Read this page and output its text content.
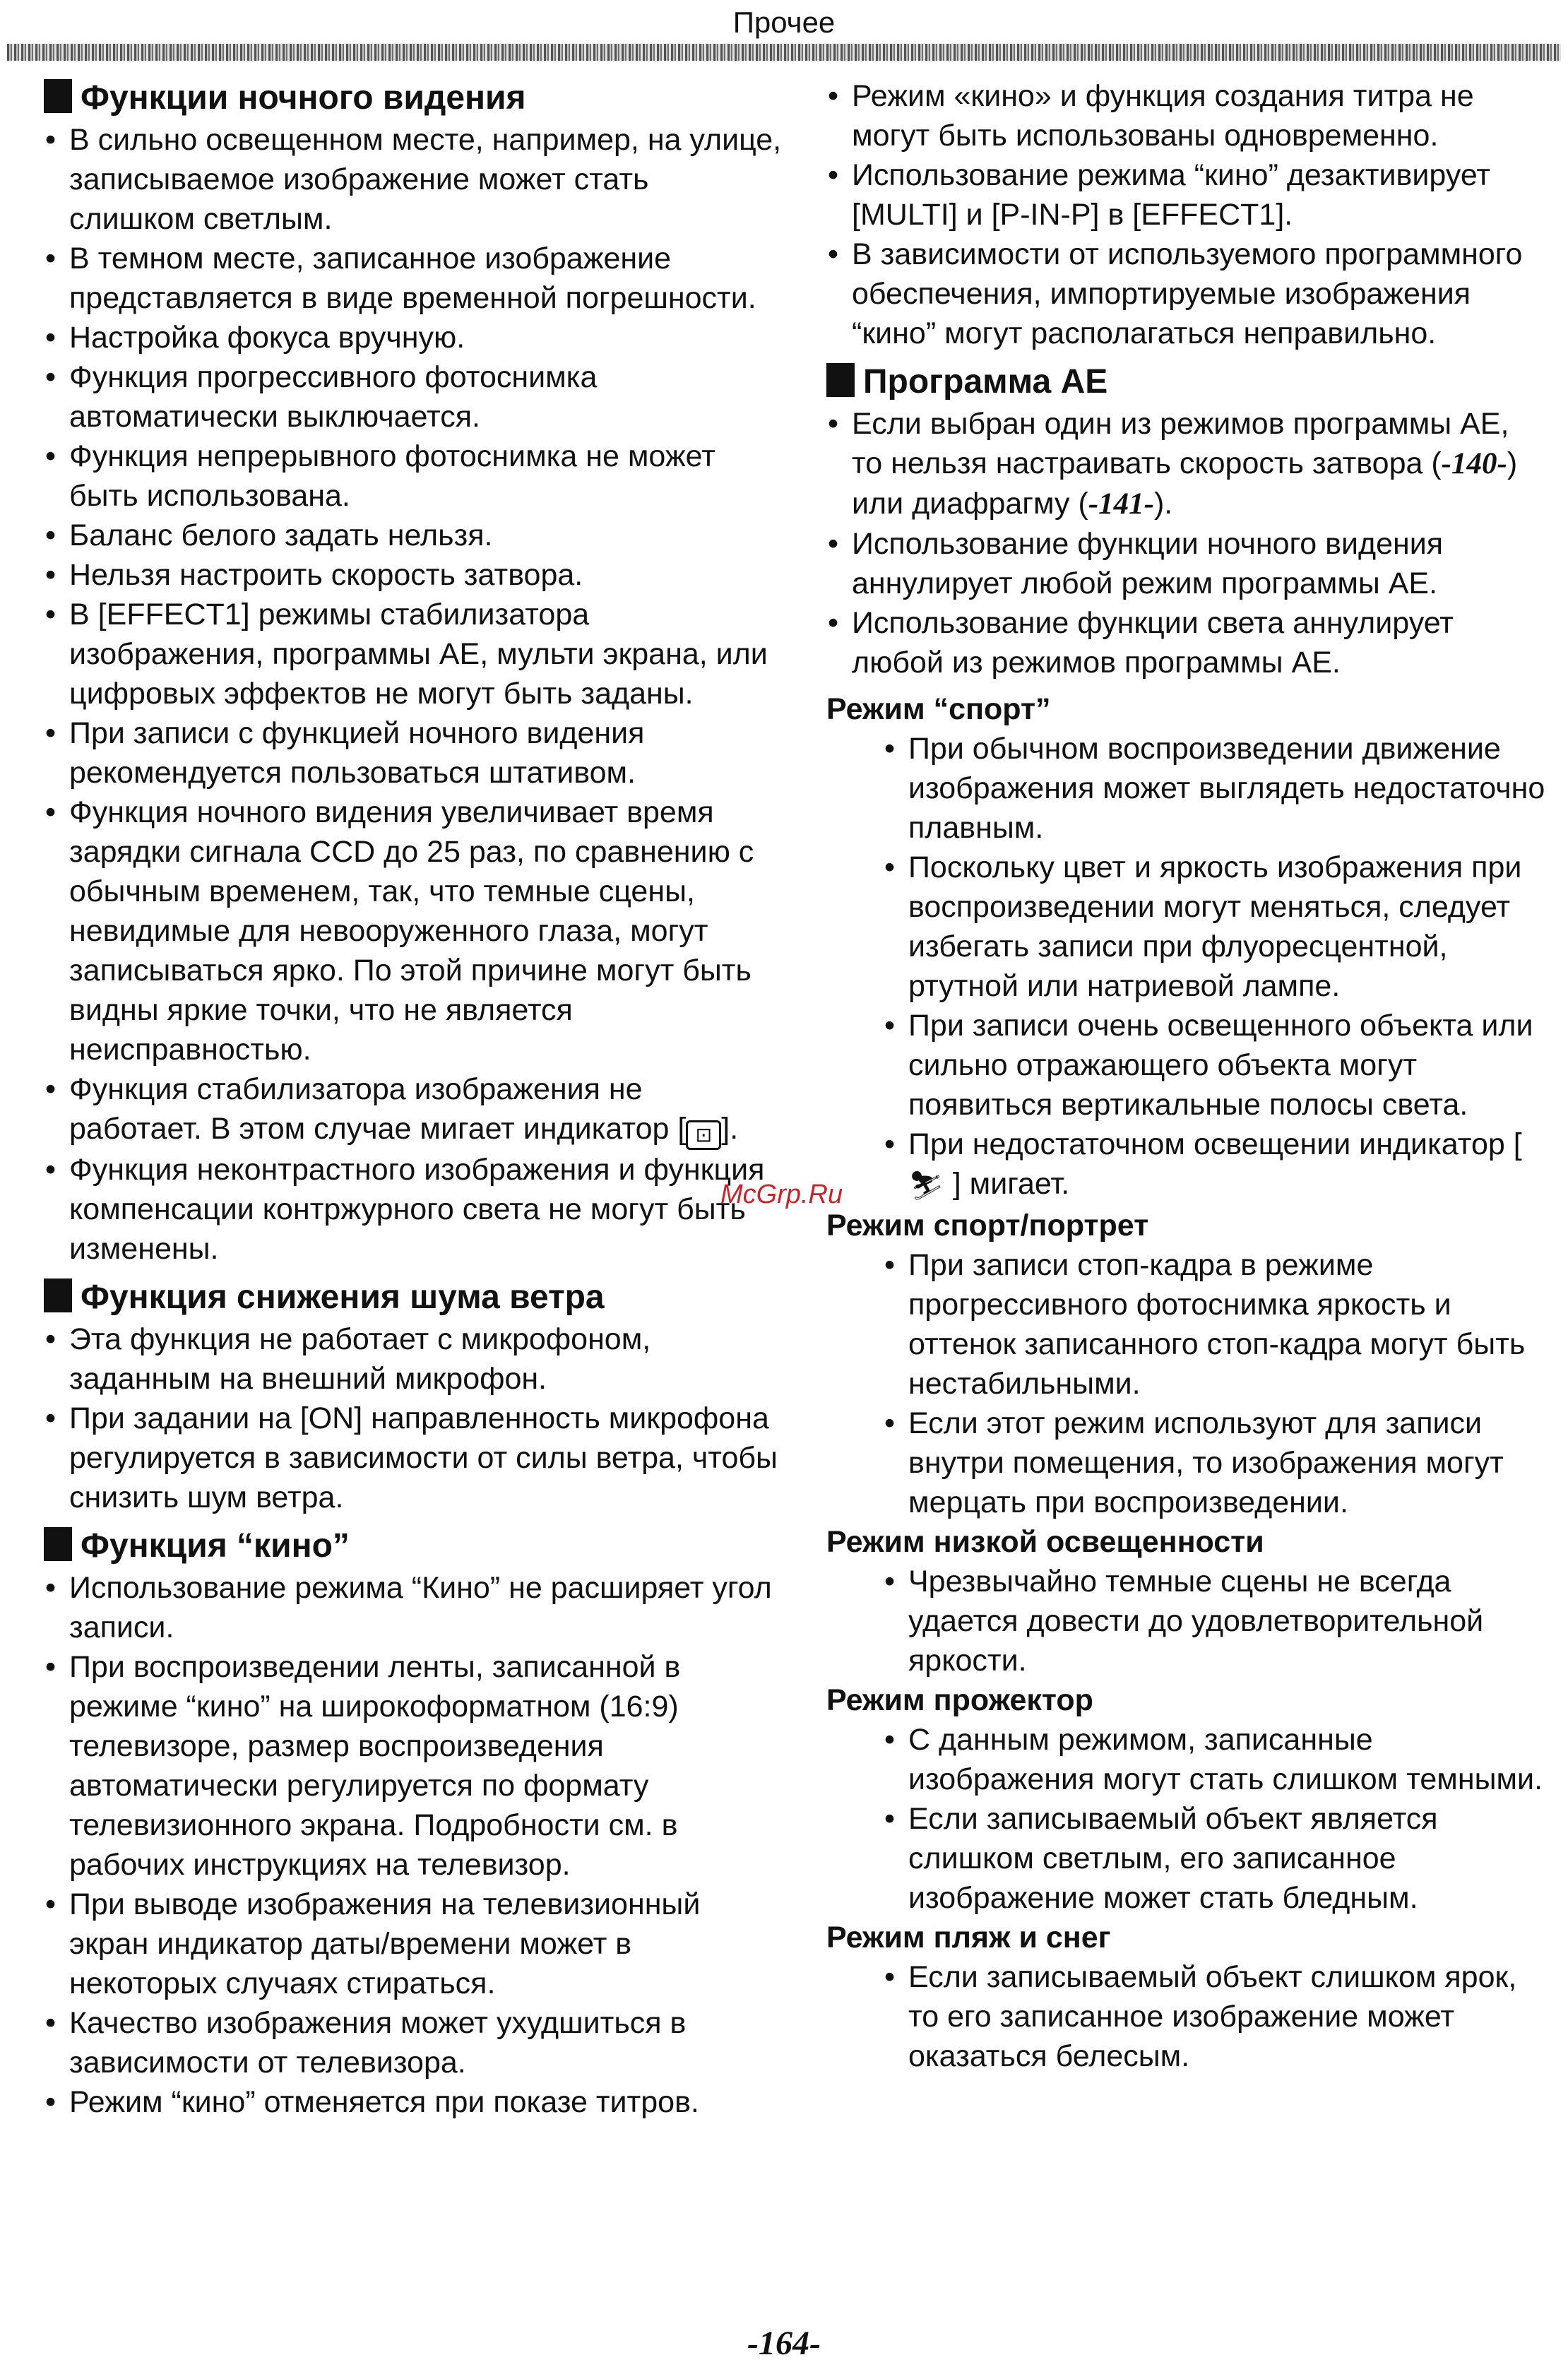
Прочее
Функции ночного видения
• В сильно освещенном месте, например, на улице, записываемое изображение может стать слишком светлым.
• В темном месте, записанное изображение представляется в виде временной погрешности.
• Настройка фокуса вручную.
• Функция прогрессивного фотоснимка автоматически выключается.
• Функция непрерывного фотоснимка не может быть использована.
• Баланс белого задать нельзя.
• Нельзя настроить скорость затвора.
• В [EFFECT1] режимы стабилизатора изображения, программы AE, мульти экрана, или цифровых эффектов не могут быть заданы.
• При записи с функцией ночного видения рекомендуется пользоваться штативом.
• Функция ночного видения увеличивает время зарядки сигнала CCD до 25 раз, по сравнению с обычным временем, так, что темные сцены, невидимые для невооруженного глаза, могут записываться ярко. По этой причине могут быть видны яркие точки, что не является неисправностью.
• Функция стабилизатора изображения не работает. В этом случае мигает индикатор [ ⊡ ].
• Функция неконтрастного изображения и функция компенсации контржурного света не могут быть изменены.
Функция снижения шума ветра
• Эта функция не работает с микрофоном, заданным на внешний микрофон.
• При задании на [ON] направленность микрофона регулируется в зависимости от силы ветра, чтобы снизить шум ветра.
Функция “кино”
• Использование режима “Кино” не расширяет угол записи.
• При воспроизведении ленты, записанной в режиме “кино” на широкоформатном (16:9) телевизоре, размер воспроизведения автоматически регулируется по формату телевизионного экрана. Подробности см. в рабочих инструкциях на телевизор.
• При выводе изображения на телевизионный экран индикатор даты/времени может в некоторых случаях стираться.
• Качество изображения может ухудшиться в зависимости от телевизора.
• Режим “кино” отменяется при показе титров.
• Режим «кино» и функция создания титра не могут быть использованы одновременно.
• Использование режима “кино” дезактивирует [MULTI] и [P-IN-P] в [EFFECT1].
• В зависимости от используемого программного обеспечения, импортируемые изображения “кино” могут располагаться неправильно.
Программа AE
• Если выбран один из режимов программы AE, то нельзя настраивать скорость затвора (-140-) или диафрагму (-141-).
• Использование функции ночного видения аннулирует любой режим программы AE.
• Использование функции света аннулирует любой из режимов программы AE.
Режим “спорт”
• При обычном воспроизведении движение изображения может выглядеть недостаточно плавным.
• Поскольку цвет и яркость изображения при воспроизведении могут меняться, следует избегать записи при флуоресцентной, ртутной или натриевой лампе.
• При записи очень освещенного объекта или сильно отражающего объекта могут появиться вертикальные полосы света.
• При недостаточном освещении индикатор [ ⛷ ] мигает.
Режим спорт/портрет
• При записи стоп-кадра в режиме прогрессивного фотоснимка яркость и оттенок записанного стоп-кадра могут быть нестабильными.
• Если этот режим используют для записи внутри помещения, то изображения могут мерцать при воспроизведении.
Режим низкой освещенности
• Чрезвычайно темные сцены не всегда удается довести до удовлетворительной яркости.
Режим прожектор
• С данным режимом, записанные изображения могут стать слишком темными.
• Если записываемый объект является слишком светлым, его записанное изображение может стать бледным.
Режим пляж и снег
• Если записываемый объект слишком ярок, то его записанное изображение может оказаться белесым.
McGrp.Ru
-164-
